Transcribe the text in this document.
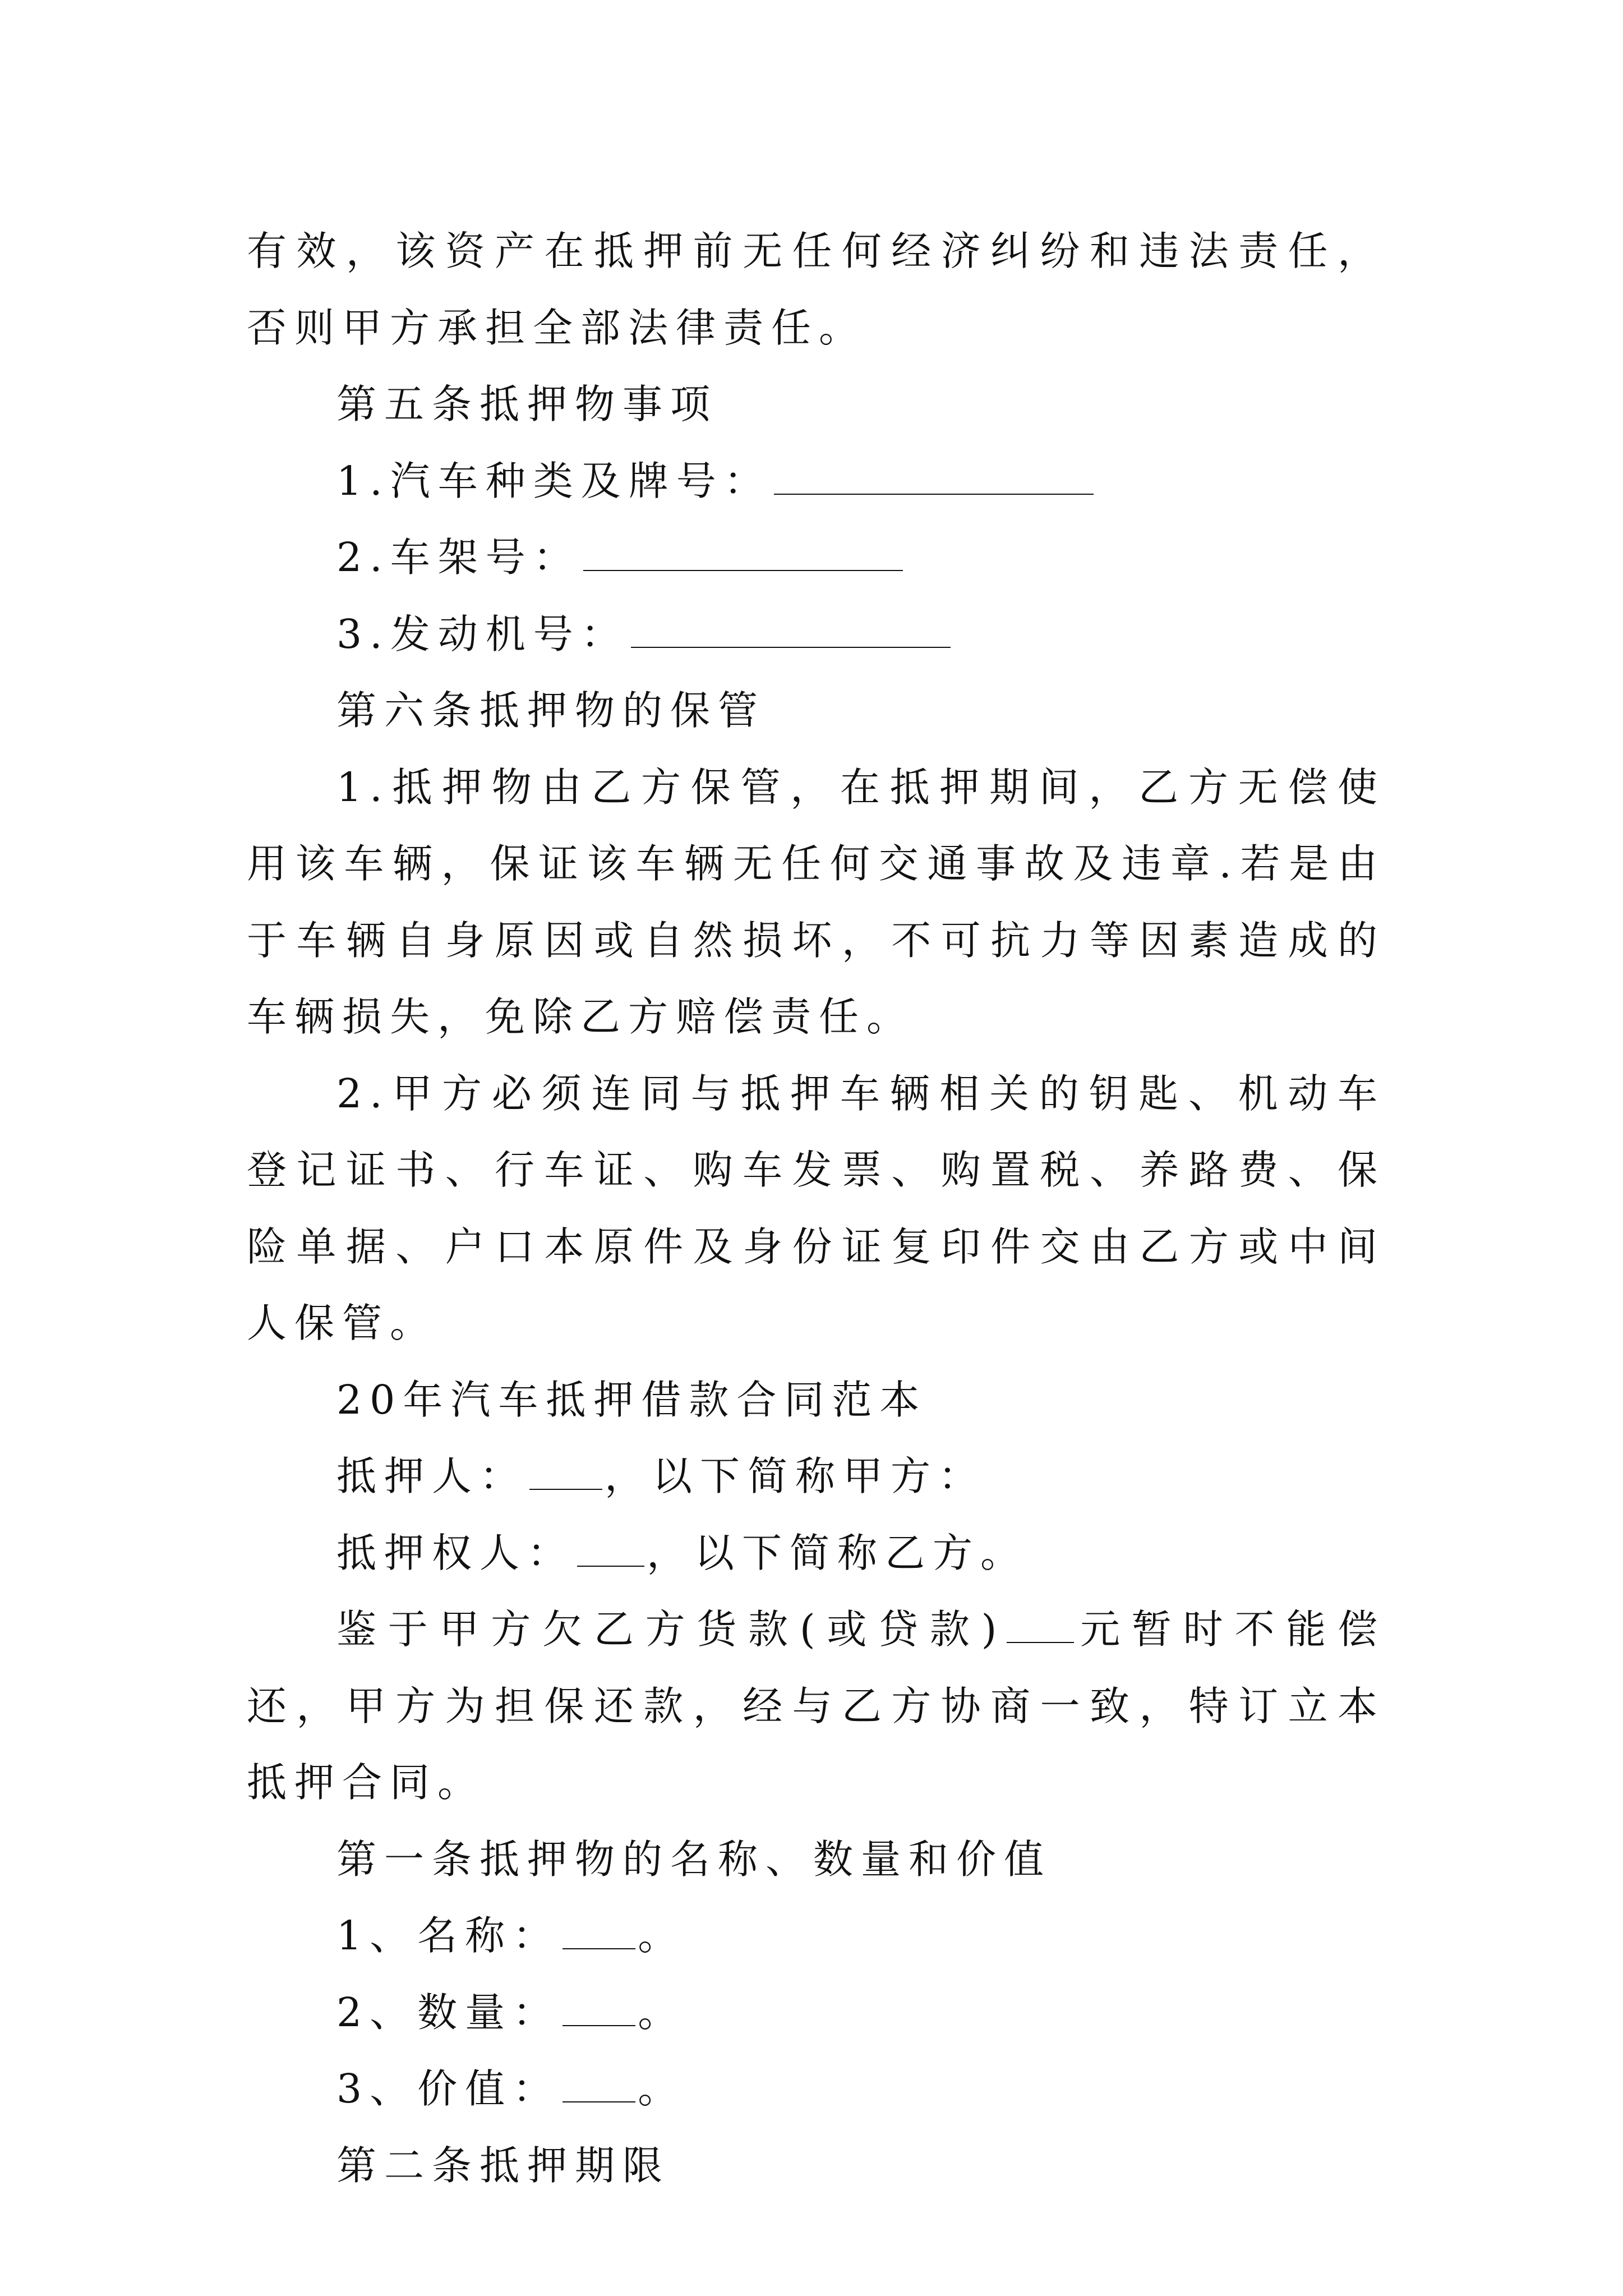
有效，该资产在抵押前无任何经济纠纷和违法责任，否则甲方承担全部法律责任。

第五条抵押物事项

1.汽车种类及牌号：

2.车架号：

3.发动机号：

第六条抵押物的保管

1.抵押物由乙方保管，在抵押期间，乙方无偿使用该车辆，保证该车辆无任何交通事故及违章.若是由于车辆自身原因或自然损坏，不可抗力等因素造成的车辆损失，免除乙方赔偿责任。

2.甲方必须连同与抵押车辆相关的钥匙、机动车登记证书、行车证、购车发票、购置税、养路费、保险单据、户口本原件及身份证复印件交由乙方或中间人保管。

20年汽车抵押借款合同范本

抵押人： ，以下简称甲方：

抵押权人： ，以下简称乙方。

鉴于甲方欠乙方货款(或贷款) 元暂时不能偿还，甲方为担保还款，经与乙方协商一致，特订立本抵押合同。

第一条抵押物的名称、数量和价值

1、名称： 。

2、数量： 。

3、价值： 。

第二条抵押期限
